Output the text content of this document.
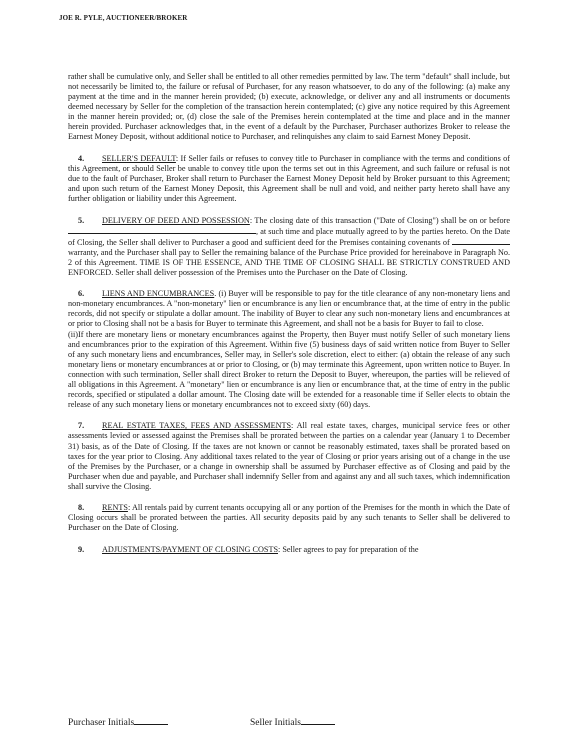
JOE R. PYLE, AUCTIONEER/BROKER

rather shall be cumulative only, and Seller shall be entitled to all other remedies permitted by law. The term "default" shall include, but not necessarily be limited to, the failure or refusal of Purchaser, for any reason whatsoever, to do any of the following: (a) make any payment at the time and in the manner herein provided; (b) execute, acknowledge, or deliver any and all instruments or documents deemed necessary by Seller for the completion of the transaction herein contemplated; (c) give any notice required by this Agreement in the manner herein provided; or, (d) close the sale of the Premises herein contemplated at the time and place and in the manner herein provided. Purchaser acknowledges that, in the event of a default by the Purchaser, Purchaser authorizes Broker to release the Earnest Money Deposit, without additional notice to Purchaser, and relinquishes any claim to said Earnest Money Deposit.

4. SELLER'S DEFAULT: If Seller fails or refuses to convey title to Purchaser in compliance with the terms and conditions of this Agreement, or should Seller be unable to convey title upon the terms set out in this Agreement, and such failure or refusal is not due to the fault of Purchaser, Broker shall return to Purchaser the Earnest Money Deposit held by Broker pursuant to this Agreement; and upon such return of the Earnest Money Deposit, this Agreement shall be null and void, and neither party hereto shall have any further obligation or liability under this Agreement.

5. DELIVERY OF DEED AND POSSESSION: The closing date of this transaction ("Date of Closing") shall be on or before , at such time and place mutually agreed to by the parties hereto. On the Date of Closing, the Seller shall deliver to Purchaser a good and sufficient deed for the Premises containing covenants of  warranty, and the Purchaser shall pay to Seller the remaining balance of the Purchase Price provided for hereinabove in Paragraph No. 2 of this Agreement. TIME IS OF THE ESSENCE, AND THE TIME OF CLOSING SHALL BE STRICTLY CONSTRUED AND ENFORCED. Seller shall deliver possession of the Premises unto the Purchaser on the Date of Closing.

6. LIENS AND ENCUMBRANCES. (i) Buyer will be responsible to pay for the title clearance of any non-monetary liens and non-monetary encumbrances. A "non-monetary" lien or encumbrance is any lien or encumbrance that, at the time of entry in the public records, did not specify or stipulate a dollar amount. The inability of Buyer to clear any such non-monetary liens and encumbrances at or prior to Closing shall not be a basis for Buyer to terminate this Agreement, and shall not be a basis for Buyer to fail to close.
(ii)If there are monetary liens or monetary encumbrances against the Property, then Buyer must notify Seller of such monetary liens and encumbrances prior to the expiration of this Agreement. Within five (5) business days of said written notice from Buyer to Seller of any such monetary liens and encumbrances, Seller may, in Seller's sole discretion, elect to either: (a) obtain the release of any such monetary liens or monetary encumbrances at or prior to Closing, or (b) may terminate this Agreement, upon written notice to Buyer. In connection with such termination, Seller shall direct Broker to return the Deposit to Buyer, whereupon, the parties will be relieved of all obligations in this Agreement. A "monetary" lien or encumbrance is any lien or encumbrance that, at the time of entry in the public records, specified or stipulated a dollar amount. The Closing date will be extended for a reasonable time if Seller elects to obtain the release of any such monetary liens or monetary encumbrances not to exceed sixty (60) days.

7. REAL ESTATE TAXES, FEES AND ASSESSMENTS: All real estate taxes, charges, municipal service fees or other assessments levied or assessed against the Premises shall be prorated between the parties on a calendar year (January 1 to December 31) basis, as of the Date of Closing. If the taxes are not known or cannot be reasonably estimated, taxes shall be prorated based on taxes for the year prior to Closing. Any additional taxes related to the year of Closing or prior years arising out of a change in the use of the Premises by the Purchaser, or a change in ownership shall be assumed by Purchaser effective as of Closing and paid by the Purchaser when due and payable, and Purchaser shall indemnify Seller from and against any and all such taxes, which indemnification shall survive the Closing.

8. RENTS: All rentals paid by current tenants occupying all or any portion of the Premises for the month in which the Date of Closing occurs shall be prorated between the parties. All security deposits paid by any such tenants to Seller shall be delivered to Purchaser on the Date of Closing.

9. ADJUSTMENTS/PAYMENT OF CLOSING COSTS: Seller agrees to pay for preparation of the

Purchaser Initials	Seller Initials
